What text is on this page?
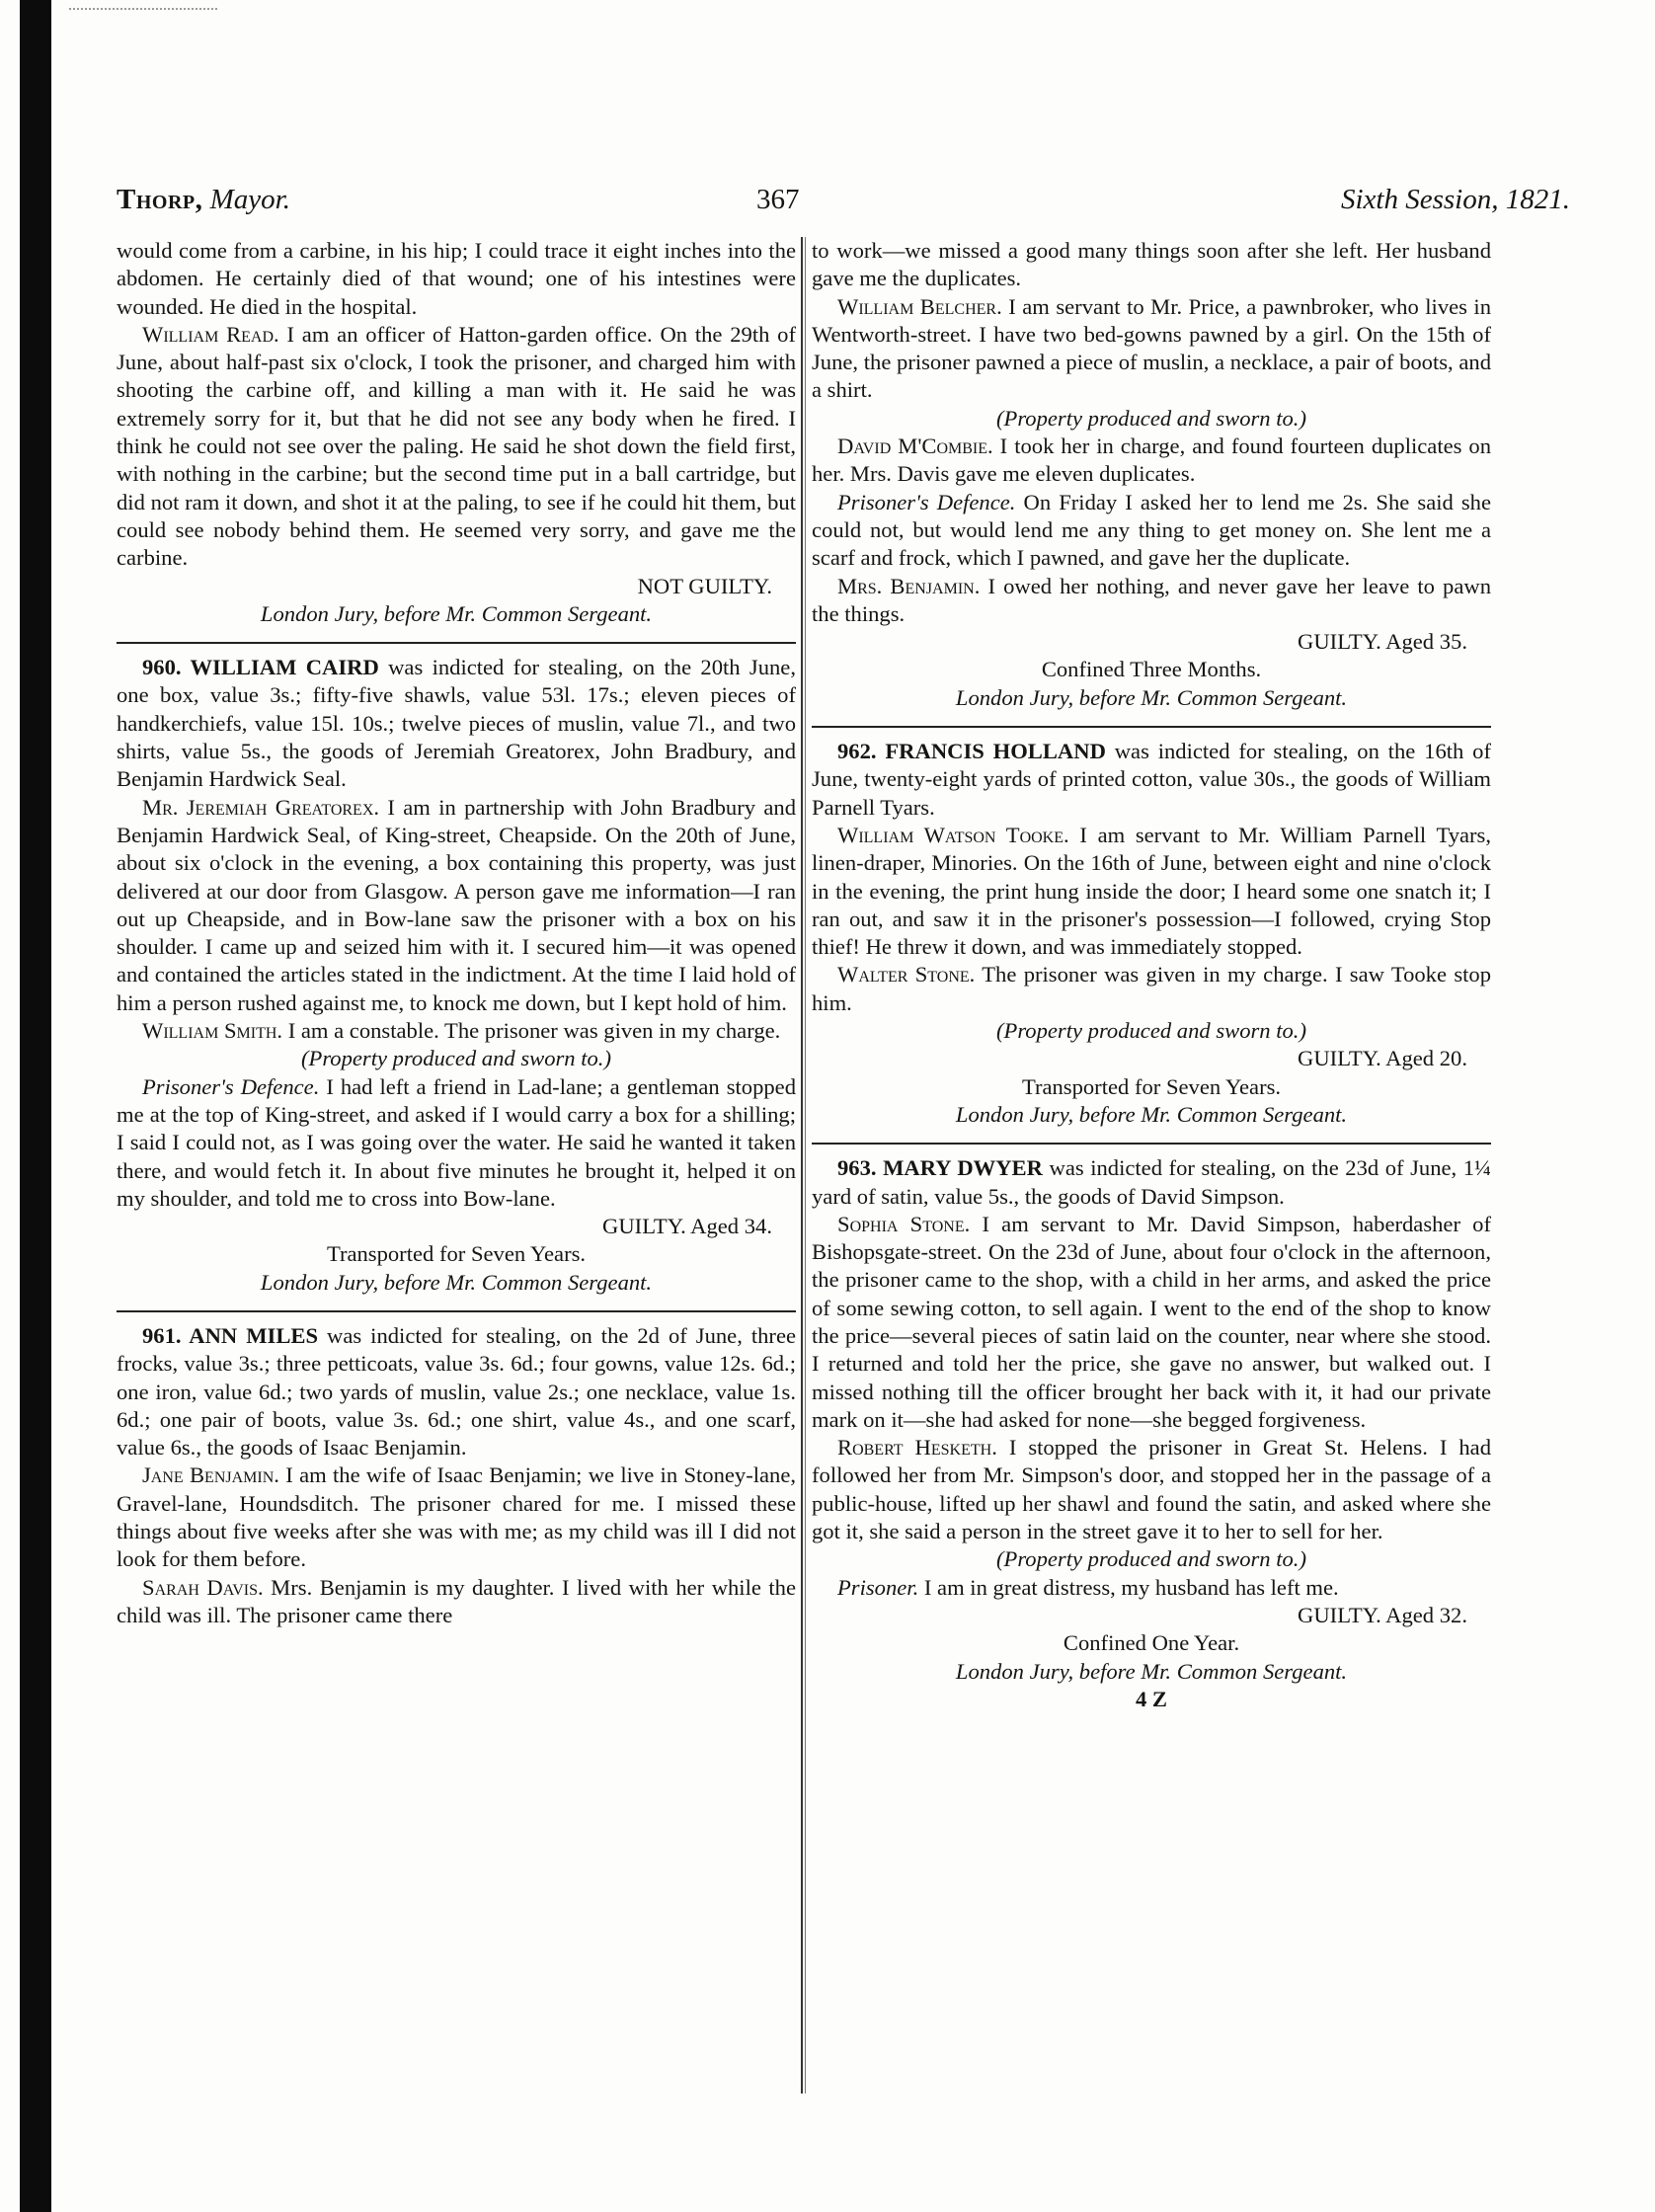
Thorp, Mayor.	367	Sixth Session, 1821.

would come from a carbine, in his hip; I could trace it eight inches into the abdomen. He certainly died of that wound; one of his intestines were wounded. He died in the hospital.

William Read. I am an officer of Hatton-garden office. On the 29th of June, about half-past six o'clock, I took the prisoner, and charged him with shooting the carbine off, and killing a man with it. He said he was extremely sorry for it, but that he did not see any body when he fired. I think he could not see over the paling. He said he shot down the field first, with nothing in the carbine; but the second time put in a ball cartridge, but did not ram it down, and shot it at the paling, to see if he could hit them, but could see nobody behind them. He seemed very sorry, and gave me the carbine.

NOT GUILTY.

London Jury, before Mr. Common Sergeant.

960. WILLIAM CAIRD was indicted for stealing, on the 20th June, one box, value 3s.; fifty-five shawls, value 53l. 17s.; eleven pieces of handkerchiefs, value 15l. 10s.; twelve pieces of muslin, value 7l., and two shirts, value 5s., the goods of Jeremiah Greatorex, John Bradbury, and Benjamin Hardwick Seal.

Mr. Jeremiah Greatorex. I am in partnership with John Bradbury and Benjamin Hardwick Seal, of King-street, Cheapside. On the 20th of June, about six o'clock in the evening, a box containing this property, was just delivered at our door from Glasgow. A person gave me information—I ran out up Cheapside, and in Bow-lane saw the prisoner with a box on his shoulder. I came up and seized him with it. I secured him—it was opened and contained the articles stated in the indictment. At the time I laid hold of him a person rushed against me, to knock me down, but I kept hold of him.

William Smith. I am a constable. The prisoner was given in my charge.

(Property produced and sworn to.)

Prisoner's Defence. I had left a friend in Lad-lane; a gentleman stopped me at the top of King-street, and asked if I would carry a box for a shilling; I said I could not, as I was going over the water. He said he wanted it taken there, and would fetch it. In about five minutes he brought it, helped it on my shoulder, and told me to cross into Bow-lane.

GUILTY. Aged 34.

Transported for Seven Years.

London Jury, before Mr. Common Sergeant.

961. ANN MILES was indicted for stealing, on the 2d of June, three frocks, value 3s.; three petticoats, value 3s. 6d.; four gowns, value 12s. 6d.; one iron, value 6d.; two yards of muslin, value 2s.; one necklace, value 1s. 6d.; one pair of boots, value 3s. 6d.; one shirt, value 4s., and one scarf, value 6s., the goods of Isaac Benjamin.

Jane Benjamin. I am the wife of Isaac Benjamin; we live in Stoney-lane, Gravel-lane, Houndsditch. The prisoner chared for me. I missed these things about five weeks after she was with me; as my child was ill I did not look for them before.

Sarah Davis. Mrs. Benjamin is my daughter. I lived with her while the child was ill. The prisoner came there

to work—we missed a good many things soon after she left. Her husband gave me the duplicates.

William Belcher. I am servant to Mr. Price, a pawnbroker, who lives in Wentworth-street. I have two bed-gowns pawned by a girl. On the 15th of June, the prisoner pawned a piece of muslin, a necklace, a pair of boots, and a shirt.

(Property produced and sworn to.)

David M'Combie. I took her in charge, and found fourteen duplicates on her. Mrs. Davis gave me eleven duplicates.

Prisoner's Defence. On Friday I asked her to lend me 2s. She said she could not, but would lend me any thing to get money on. She lent me a scarf and frock, which I pawned, and gave her the duplicate.

Mrs. Benjamin. I owed her nothing, and never gave her leave to pawn the things.

GUILTY. Aged 35.

Confined Three Months.

London Jury, before Mr. Common Sergeant.

962. FRANCIS HOLLAND was indicted for stealing, on the 16th of June, twenty-eight yards of printed cotton, value 30s., the goods of William Parnell Tyars.

William Watson Tooke. I am servant to Mr. William Parnell Tyars, linen-draper, Minories. On the 16th of June, between eight and nine o'clock in the evening, the print hung inside the door; I heard some one snatch it; I ran out, and saw it in the prisoner's possession—I followed, crying Stop thief! He threw it down, and was immediately stopped.

Walter Stone. The prisoner was given in my charge. I saw Tooke stop him.

(Property produced and sworn to.)

GUILTY. Aged 20.

Transported for Seven Years.

London Jury, before Mr. Common Sergeant.

963. MARY DWYER was indicted for stealing, on the 23d of June, 1¼ yard of satin, value 5s., the goods of David Simpson.

Sophia Stone. I am servant to Mr. David Simpson, haberdasher of Bishopsgate-street. On the 23d of June, about four o'clock in the afternoon, the prisoner came to the shop, with a child in her arms, and asked the price of some sewing cotton, to sell again. I went to the end of the shop to know the price—several pieces of satin laid on the counter, near where she stood. I returned and told her the price, she gave no answer, but walked out. I missed nothing till the officer brought her back with it, it had our private mark on it—she had asked for none—she begged forgiveness.

Robert Hesketh. I stopped the prisoner in Great St. Helens. I had followed her from Mr. Simpson's door, and stopped her in the passage of a public-house, lifted up her shawl and found the satin, and asked where she got it, she said a person in the street gave it to her to sell for her.

(Property produced and sworn to.)

Prisoner. I am in great distress, my husband has left me.

GUILTY. Aged 32.

Confined One Year.

London Jury, before Mr. Common Sergeant.

4 Z
